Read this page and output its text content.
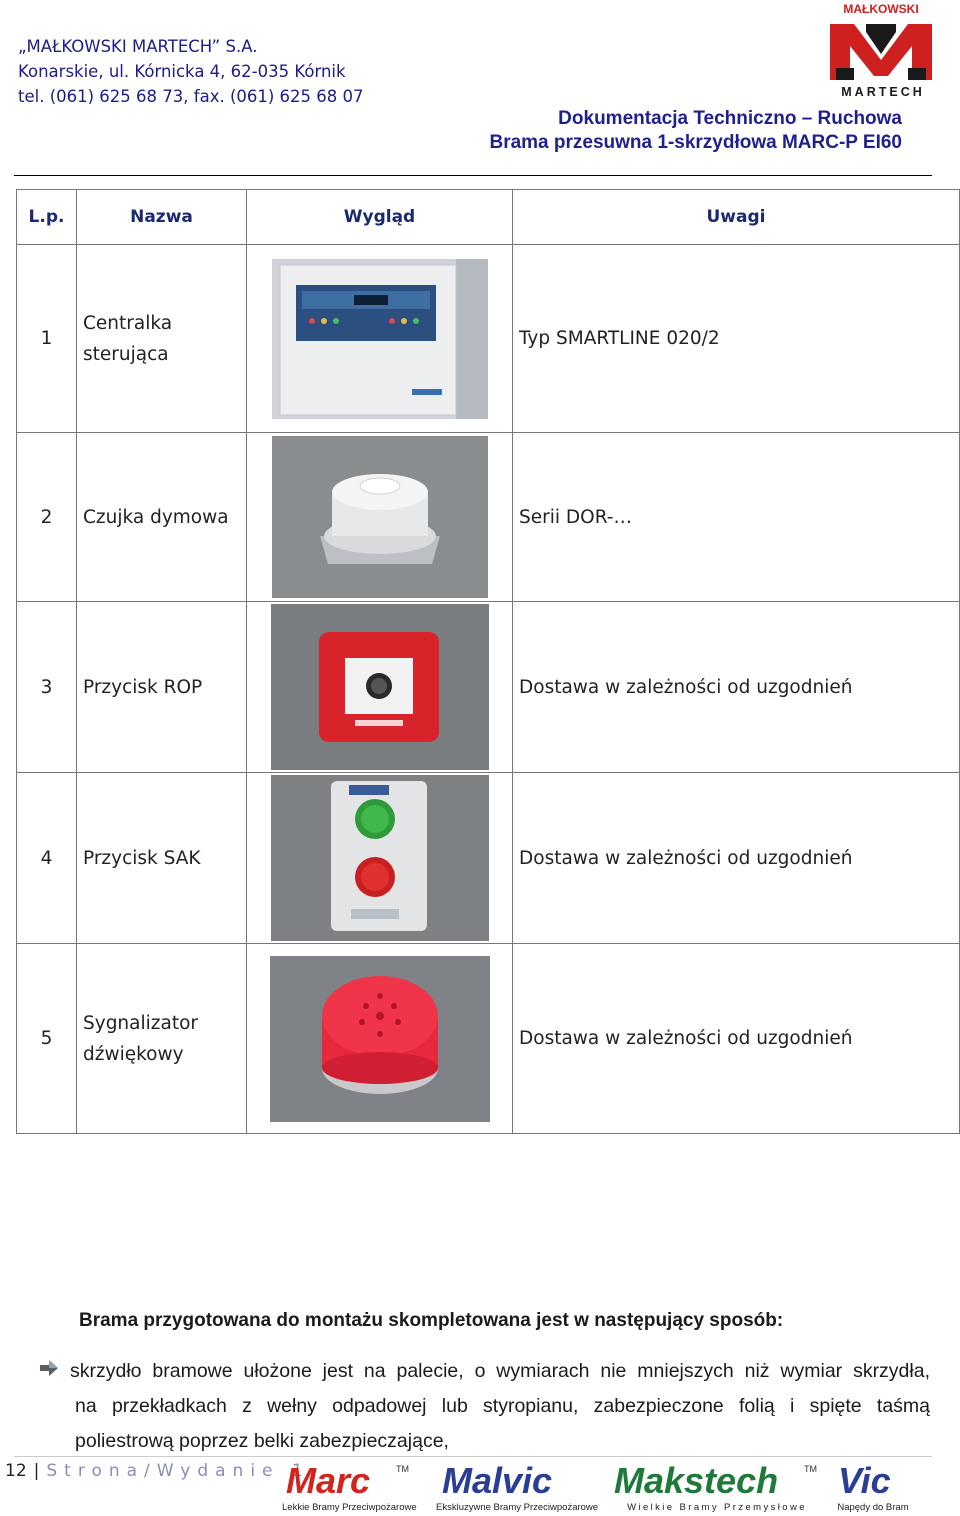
„MAŁKOWSKI MARTECH” S.A.
Konarskie, ul. Kórnicka 4, 62-035 Kórnik
tel. (061) 625 68 73, fax. (061) 625 68 07
MAŁKOWSKI
MARTECH
Dokumentacja Techniczno – Ruchowa
Brama przesuwna 1-skrzydłowa MARC-P EI60
L.p.	Nazwa	Wygląd	Uwagi
1	Centralka
sterująca		Typ SMARTLINE 020/2
2	Czujka dymowa		Serii DOR-…
3	Przycisk ROP		Dostawa w zależności od uzgodnień
4	Przycisk SAK		Dostawa w zależności od uzgodnień
5	Sygnalizator
dźwiękowy		Dostawa w zależności od uzgodnień
Brama przygotowana do montażu skompletowana jest w następujący sposób:
skrzydło bramowe ułożone jest na palecie, o wymiarach nie mniejszych niż wymiar skrzydła,
na przekładkach z wełny odpadowej lub styropianu, zabezpieczone folią i spięte taśmą
poliestrową poprzez belki zabezpieczające,
12 | Strona/Wydanie 1
Marc	TM
Lekkie Bramy Przeciwpożarowe
Malvic
Ekskluzywne Bramy Przeciwpożarowe
Makstech	TM
Wielkie Bramy Przemysłowe
Vic
Napędy do Bram
